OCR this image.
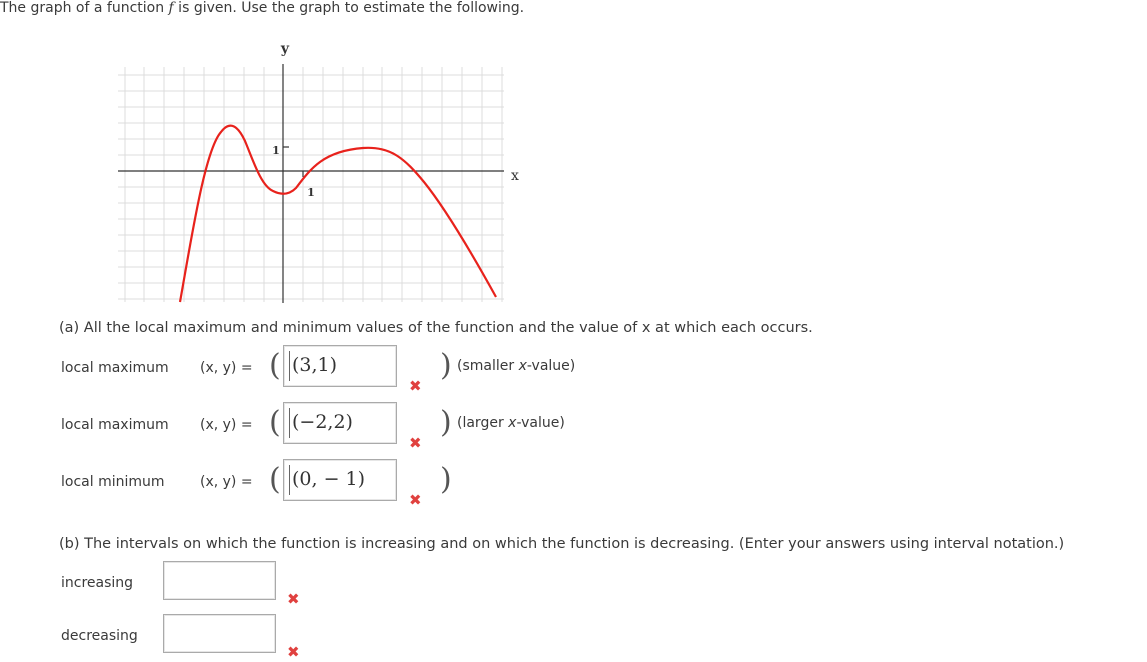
The graph of a function f is given. Use the graph to estimate the following.
y
x
1
1
(a) All the local maximum and minimum values of the function and the value of x at which each occurs.
local maximum (x, y) = ( (3,1)	) (smaller x-value)
✖
local maximum (x, y) = ( (−2,2)	) (larger x-value)
✖
local minimum	(x, y) = ( (0, − 1)	)
✖
(b) The intervals on which the function is increasing and on which the function is decreasing. (Enter your answers using interval notation.)
increasing
✖
decreasing
✖
